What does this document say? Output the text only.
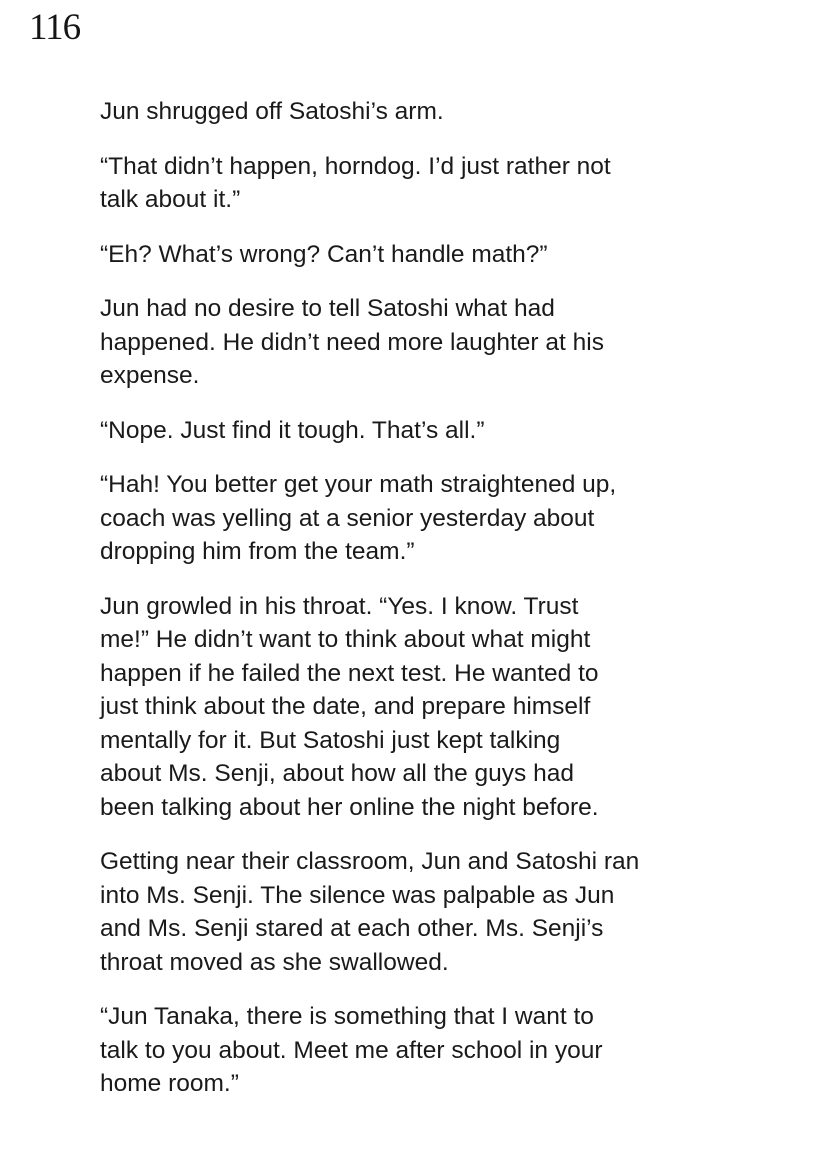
116

Jun shrugged off Satoshi’s arm.

“That didn’t happen, horndog. I’d just rather not
talk about it.”

“Eh? What’s wrong? Can’t handle math?”

Jun had no desire to tell Satoshi what had
happened. He didn’t need more laughter at his
expense.

“Nope. Just find it tough. That’s all.”

“Hah! You better get your math straightened up,
coach was yelling at a senior yesterday about
dropping him from the team.”

Jun growled in his throat. “Yes. I know. Trust
me!” He didn’t want to think about what might
happen if he failed the next test. He wanted to
just think about the date, and prepare himself
mentally for it. But Satoshi just kept talking
about Ms. Senji, about how all the guys had
been talking about her online the night before.

Getting near their classroom, Jun and Satoshi ran
into Ms. Senji. The silence was palpable as Jun
and Ms. Senji stared at each other. Ms. Senji’s
throat moved as she swallowed.

“Jun Tanaka, there is something that I want to
talk to you about. Meet me after school in your
home room.”
